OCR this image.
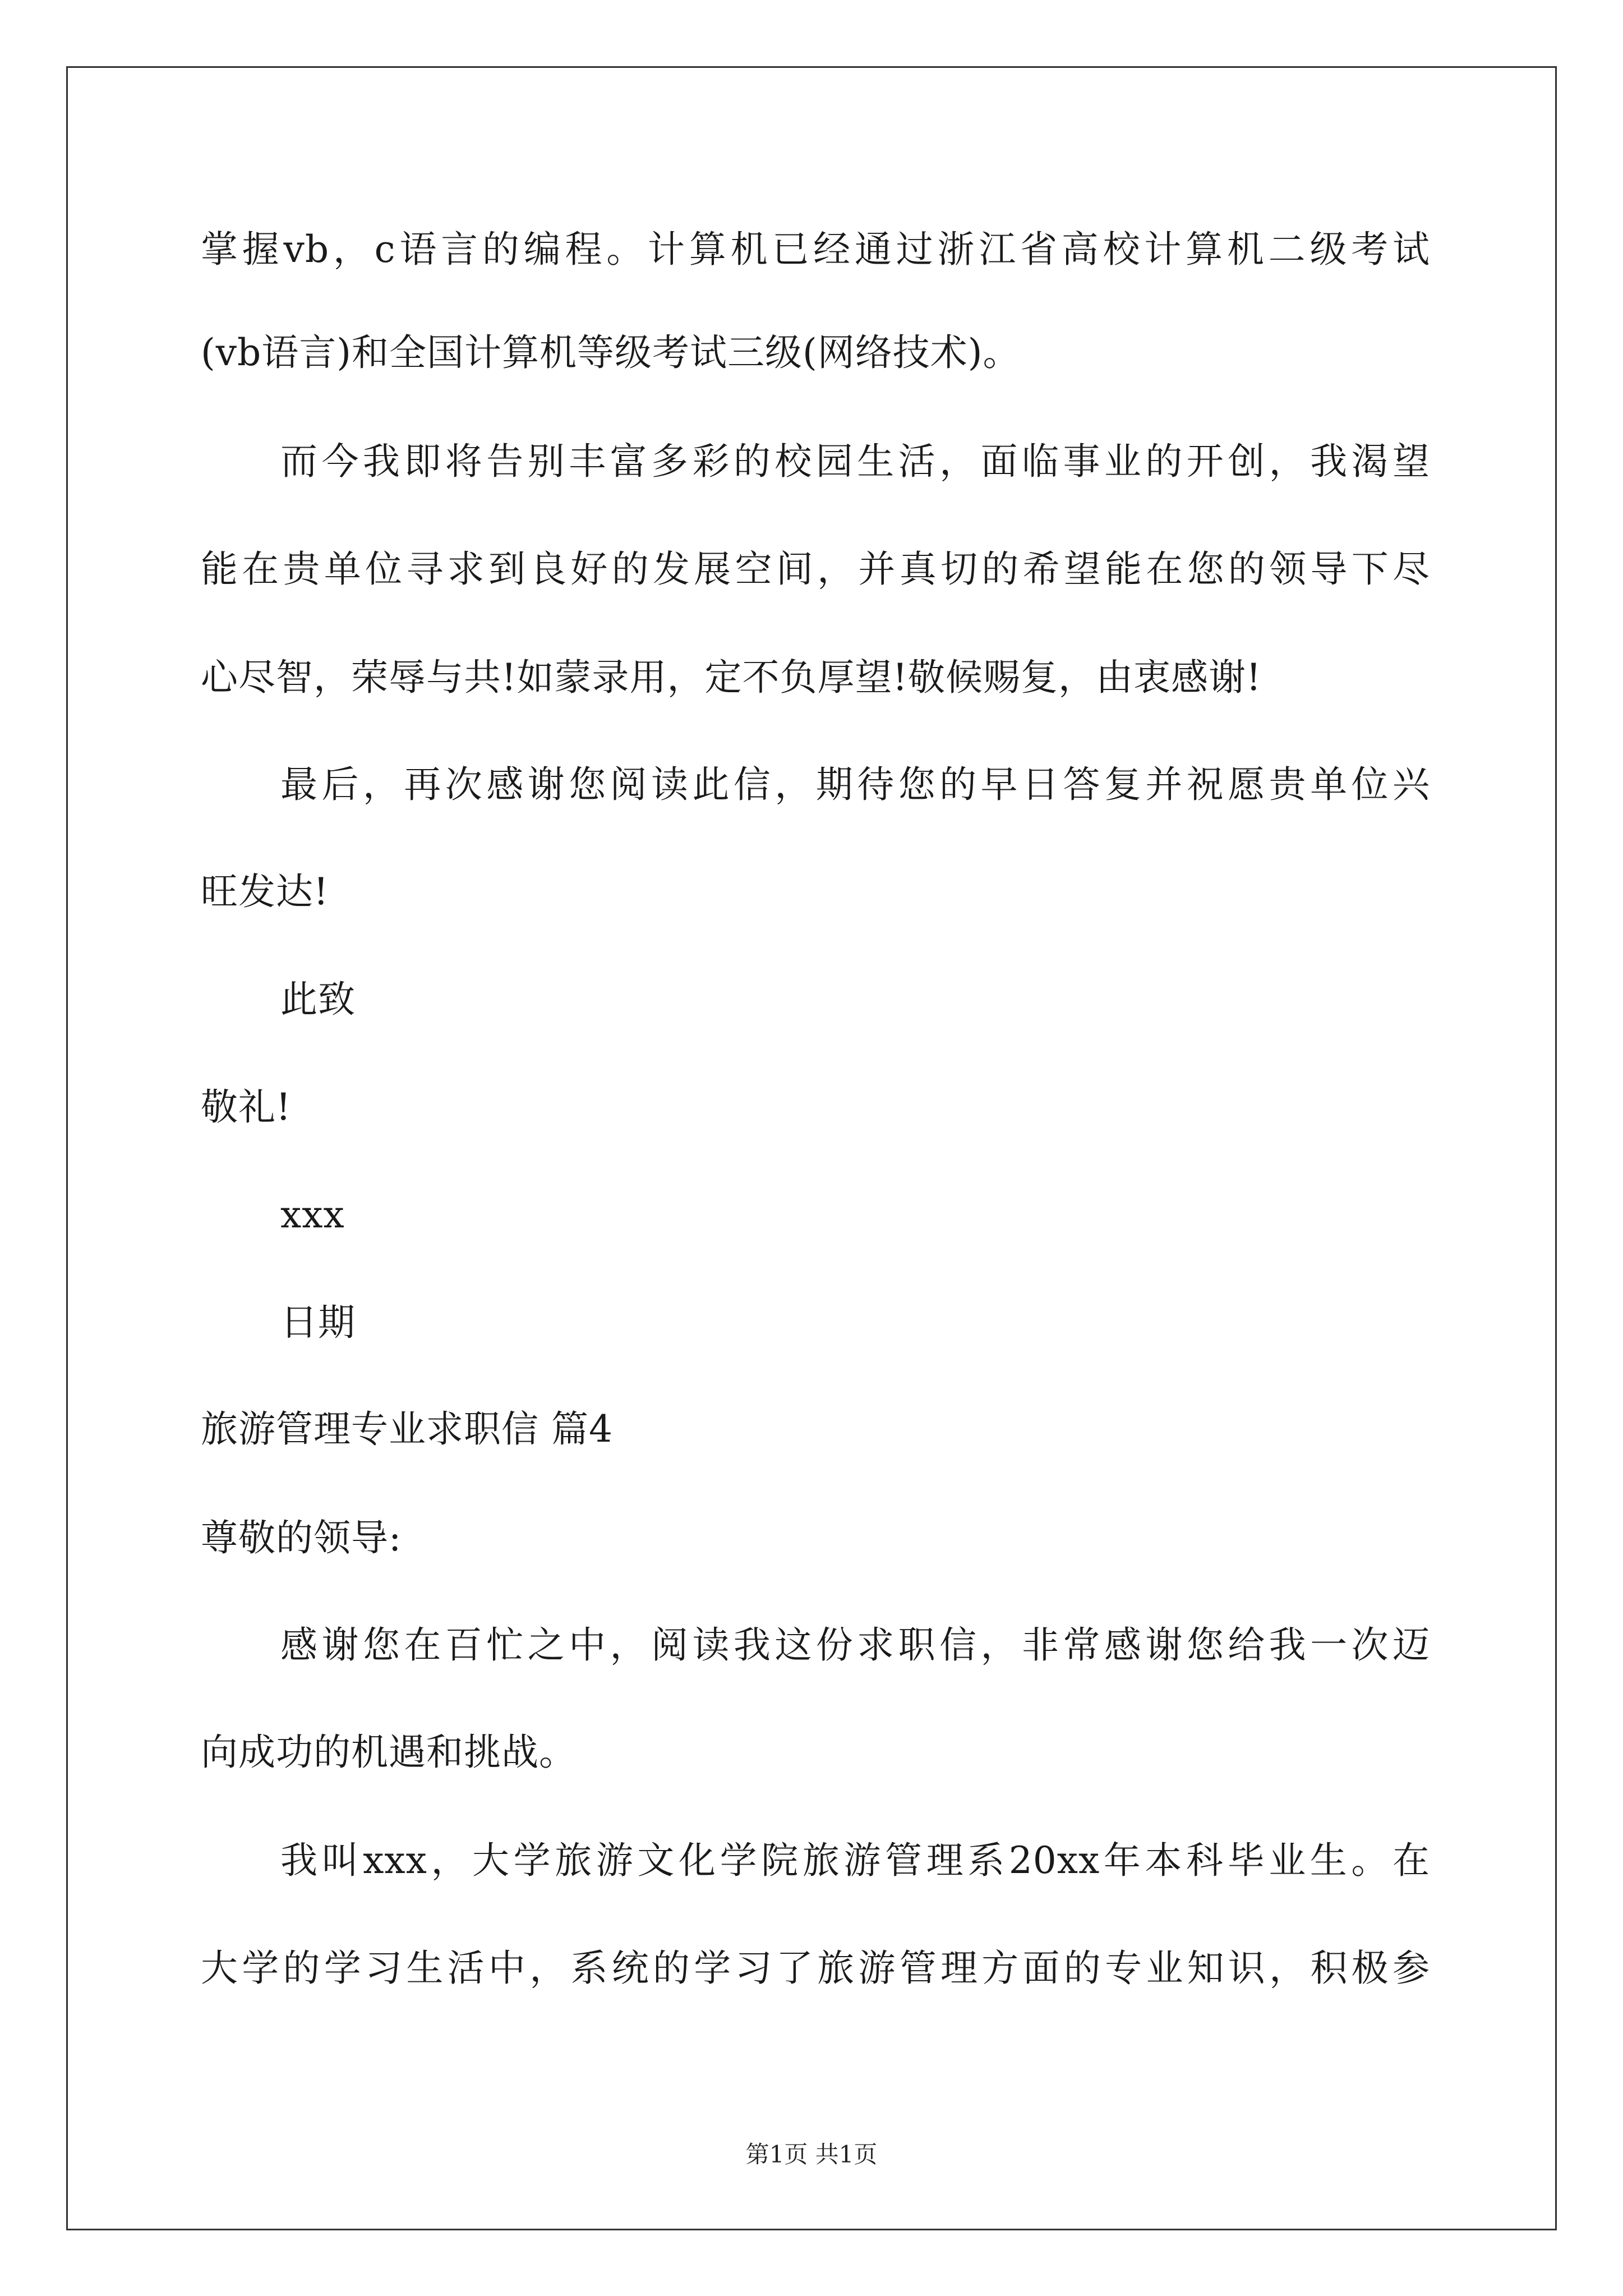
掌握vb，c语言的编程。计算机已经通过浙江省高校计算机二级考试
(vb语言)和全国计算机等级考试三级(网络技术)。
而今我即将告别丰富多彩的校园生活，面临事业的开创，我渴望
能在贵单位寻求到良好的发展空间，并真切的希望能在您的领导下尽
心尽智，荣辱与共!如蒙录用，定不负厚望!敬候赐复，由衷感谢!
最后，再次感谢您阅读此信，期待您的早日答复并祝愿贵单位兴
旺发达!
此致
敬礼!
xxx
日期
旅游管理专业求职信 篇4
尊敬的领导:
感谢您在百忙之中，阅读我这份求职信，非常感谢您给我一次迈
向成功的机遇和挑战。
我叫xxx，大学旅游文化学院旅游管理系20xx年本科毕业生。在
大学的学习生活中，系统的学习了旅游管理方面的专业知识，积极参
第1页 共1页
